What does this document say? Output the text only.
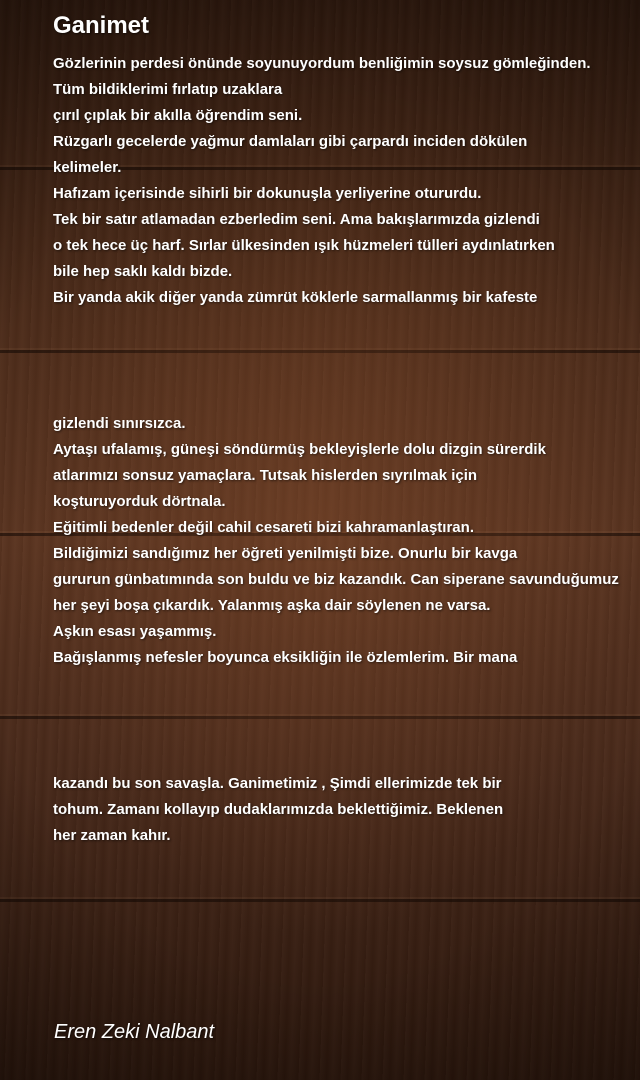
Ganimet
Gözlerinin perdesi önünde soyunuyordum benliğimin soysuz gömleğinden.
Tüm bildiklerimi fırlatıp uzaklara
çırıl çıplak bir akılla öğrendim seni.
Rüzgarlı gecelerde yağmur damlaları gibi çarpardı inciden dökülen
kelimeler.
Hafızam içerisinde sihirli bir dokunuşla yerliyerine otururdu.
Tek bir satır atlamadan ezberledim seni. Ama bakışlarımızda gizlendi
o tek hece üç harf. Sırlar ülkesinden ışık hüzmeleri tülleri aydınlatırken
bile hep saklı kaldı bizde.
Bir yanda akik diğer yanda zümrüt köklerle sarmallanmış bir kafeste
gizlendi sınırsızca.
Aytaşı ufalamış, güneşi söndürmüş bekleyişlerle dolu dizgin sürerdik
atlarımızı sonsuz yamaçlara. Tutsak hislerden sıyrılmak için
koşturuyorduk dörtnala.
Eğitimli bedenler değil cahil cesareti bizi kahramanlaştıran.
Bildiğimizi sandığımız her öğreti yenilmişti bize. Onurlu bir kavga
gururun günbatımında son buldu ve biz kazandık. Can siperane savunduğumuz
her şeyi boşa çıkardık. Yalanmış aşka dair söylenen ne varsa.
Aşkın esası yaşammış.
Bağışlanmış nefesler boyunca eksikliğin ile özlemlerim. Bir mana
kazandı bu son savaşla. Ganimetimiz , Şimdi ellerimizde tek bir
tohum. Zamanı kollayıp dudaklarımızda beklettiğimiz. Beklenen
her zaman kahır.
Eren Zeki Nalbant
